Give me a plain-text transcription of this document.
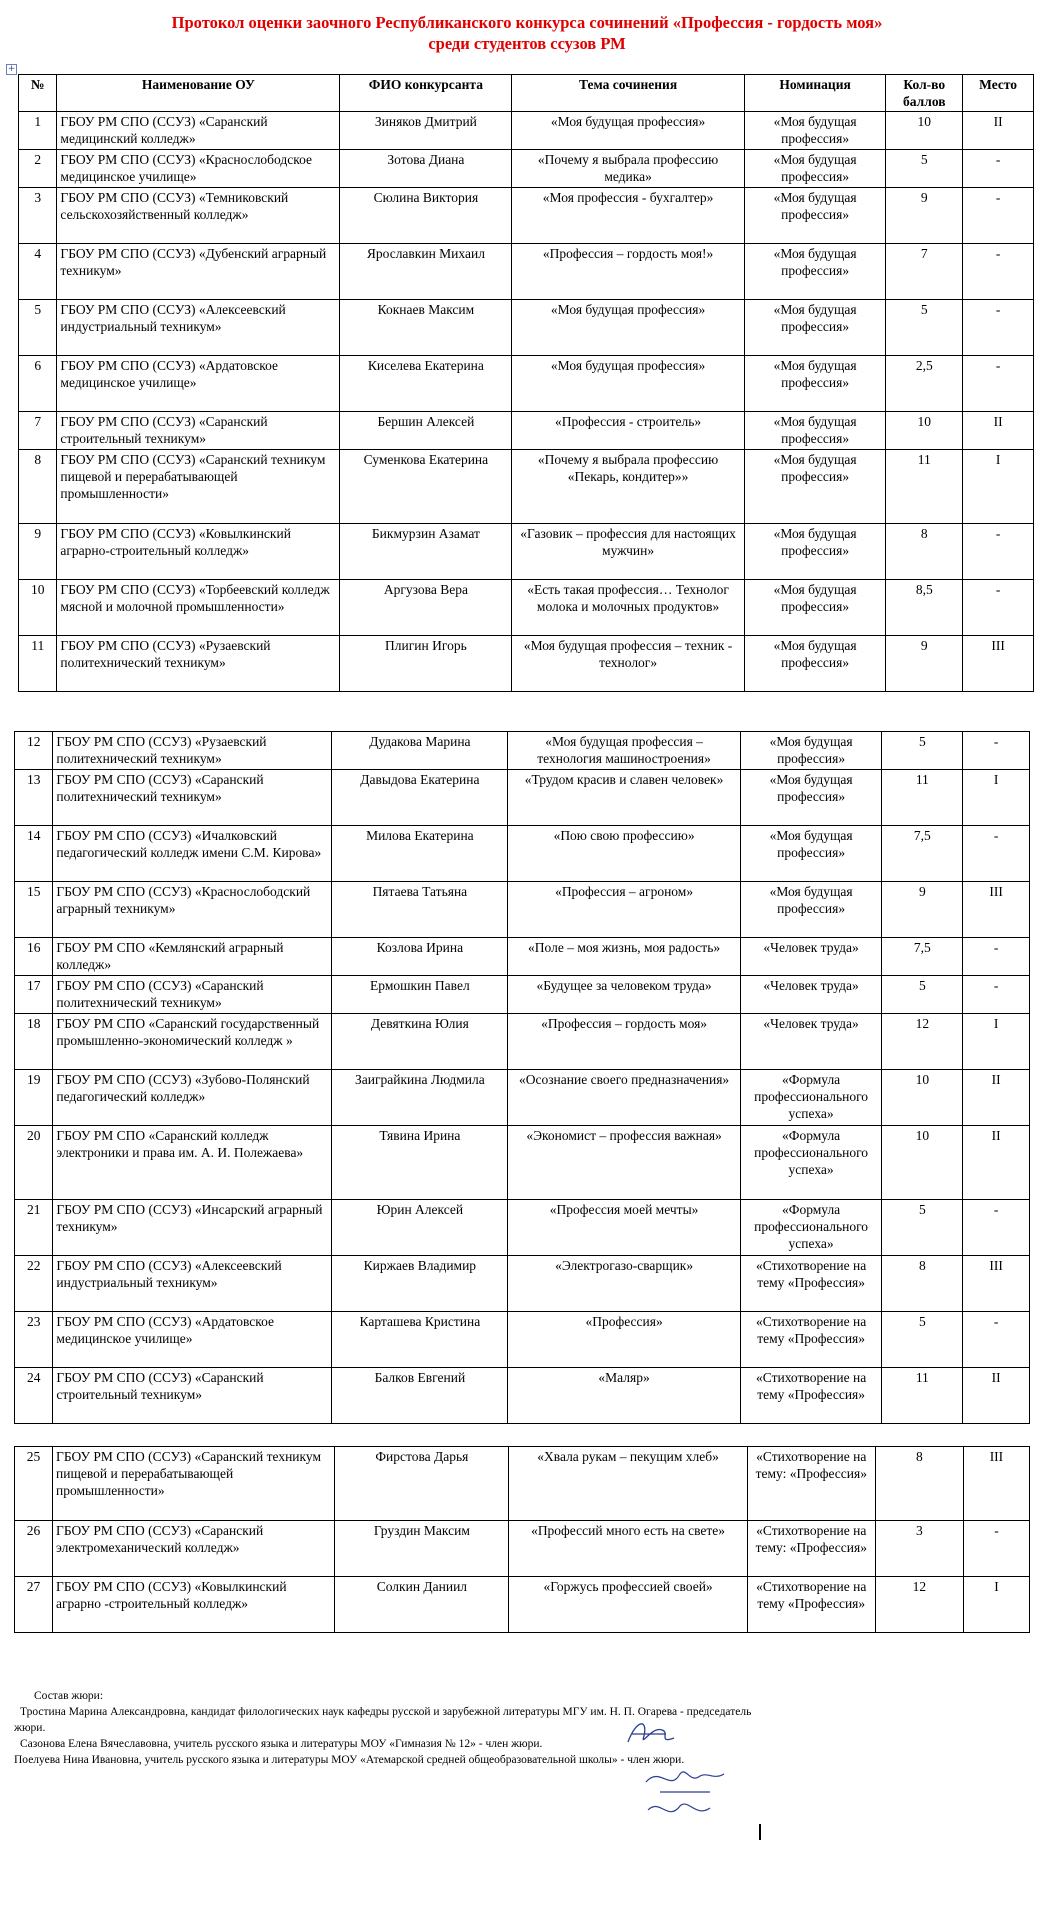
Протокол оценки заочного Республиканского конкурса сочинений «Профессия - гордость моя»
среди студентов ссузов РМ
+
№	Наименование ОУ	ФИО конкурсанта	Тема сочинения	Номинация	Кол-во баллов	Место
1	ГБОУ РМ СПО (ССУЗ) «Саранский медицинский колледж»	Зиняков Дмитрий	«Моя будущая профессия»	«Моя будущая профессия»	10	II
2	ГБОУ РМ СПО (ССУЗ) «Краснослободское медицинское училище»	Зотова Диана	«Почему я выбрала профессию медика»	«Моя будущая профессия»	5	-
3	ГБОУ РМ СПО (ССУЗ) «Темниковский сельскохозяйственный колледж»	Сюлина Виктория	«Моя профессия - бухгалтер»	«Моя будущая профессия»	9	-
4	ГБОУ РМ СПО (ССУЗ) «Дубенский аграрный техникум»	Ярославкин Михаил	«Профессия – гордость моя!»	«Моя будущая профессия»	7	-
5	ГБОУ РМ СПО (ССУЗ) «Алексеевский индустриальный техникум»	Кокнаев Максим	«Моя будущая профессия»	«Моя будущая профессия»	5	-
6	ГБОУ РМ СПО (ССУЗ) «Ардатовское медицинское училище»	Киселева Екатерина	«Моя будущая профессия»	«Моя будущая профессия»	2,5	-
7	ГБОУ РМ СПО (ССУЗ) «Саранский строительный техникум»	Бершин Алексей	«Профессия - строитель»	«Моя будущая профессия»	10	II
8	ГБОУ РМ СПО (ССУЗ) «Саранский техникум пищевой и перерабатывающей промышленности»	Суменкова Екатерина	«Почему я выбрала профессию «Пекарь, кондитер»»	«Моя будущая профессия»	11	I
9	ГБОУ РМ СПО (ССУЗ) «Ковылкинский аграрно-строительный колледж»	Бикмурзин Азамат	«Газовик – профессия для настоящих мужчин»	«Моя будущая профессия»	8	-
10	ГБОУ РМ СПО (ССУЗ) «Торбеевский колледж мясной и молочной промышленности»	Аргузова Вера	«Есть такая профессия… Технолог молока и молочных продуктов»	«Моя будущая профессия»	8,5	-
11	ГБОУ РМ СПО (ССУЗ) «Рузаевский политехнический техникум»	Плигин Игорь	«Моя будущая профессия – техник - технолог»	«Моя будущая профессия»	9	III
12	ГБОУ РМ СПО (ССУЗ) «Рузаевский политехнический техникум»	Дудакова Марина	«Моя будущая профессия – технология машиностроения»	«Моя будущая профессия»	5	-
13	ГБОУ РМ СПО (ССУЗ) «Саранский политехнический техникум»	Давыдова Екатерина	«Трудом красив и славен человек»	«Моя будущая профессия»	11	I
14	ГБОУ РМ СПО (ССУЗ) «Ичалковский педагогический колледж имени С.М. Кирова»	Милова Екатерина	«Пою свою профессию»	«Моя будущая профессия»	7,5	-
15	ГБОУ РМ СПО (ССУЗ) «Краснослободский аграрный техникум»	Пятаева Татьяна	«Профессия – агроном»	«Моя будущая профессия»	9	III
16	ГБОУ РМ СПО «Кемлянский аграрный колледж»	Козлова Ирина	«Поле – моя жизнь, моя радость»	«Человек труда»	7,5	-
17	ГБОУ РМ СПО (ССУЗ) «Саранский политехнический техникум»	Ермошкин Павел	«Будущее за человеком труда»	«Человек труда»	5	-
18	ГБОУ РМ СПО «Саранский государственный промышленно-экономический колледж »	Девяткина Юлия	«Профессия – гордость моя»	«Человек труда»	12	I
19	ГБОУ РМ СПО (ССУЗ) «Зубово-Полянский педагогический колледж»	Заиграйкина Людмила	«Осознание своего предназначения»	«Формула профессионального успеха»	10	II
20	ГБОУ РМ СПО «Саранский колледж электроники и права им. А. И. Полежаева»	Тявина Ирина	«Экономист – профессия важная»	«Формула профессионального успеха»	10	II
21	ГБОУ РМ СПО (ССУЗ) «Инсарский аграрный техникум»	Юрин Алексей	«Профессия моей мечты»	«Формула профессионального успеха»	5	-
22	ГБОУ РМ СПО (ССУЗ) «Алексеевский индустриальный техникум»	Киржаев Владимир	«Электрогазо-сварщик»	«Стихотворение на тему «Профессия»	8	III
23	ГБОУ РМ СПО (ССУЗ) «Ардатовское медицинское училище»	Карташева Кристина	«Профессия»	«Стихотворение на тему «Профессия»	5	-
24	ГБОУ РМ СПО (ССУЗ) «Саранский строительный техникум»	Балков Евгений	«Маляр»	«Стихотворение на тему «Профессия»	11	II
25	ГБОУ РМ СПО (ССУЗ) «Саранский техникум пищевой и перерабатывающей промышленности»	Фирстова Дарья	«Хвала рукам – пекущим хлеб»	«Стихотворение на тему: «Профессия»	8	III
26	ГБОУ РМ СПО (ССУЗ) «Саранский электромеханический колледж»	Груздин Максим	«Профессий много есть на свете»	«Стихотворение на тему: «Профессия»	3	-
27	ГБОУ РМ СПО (ССУЗ) «Ковылкинский аграрно -строительный колледж»	Солкин Даниил	«Горжусь профессией своей»	«Стихотворение на тему «Профессия»	12	I
Состав жюри:
Тростина Марина Александровна, кандидат филологических наук кафедры русской и зарубежной литературы МГУ им. Н. П. Огарева - председатель жюри.
Сазонова Елена Вячеславовна, учитель русского языка и литературы МОУ «Гимназия № 12» - член жюри.
Поелуева Нина Ивановна, учитель русского языка и литературы МОУ «Атемарской средней общеобразовательной школы» - член жюри.
